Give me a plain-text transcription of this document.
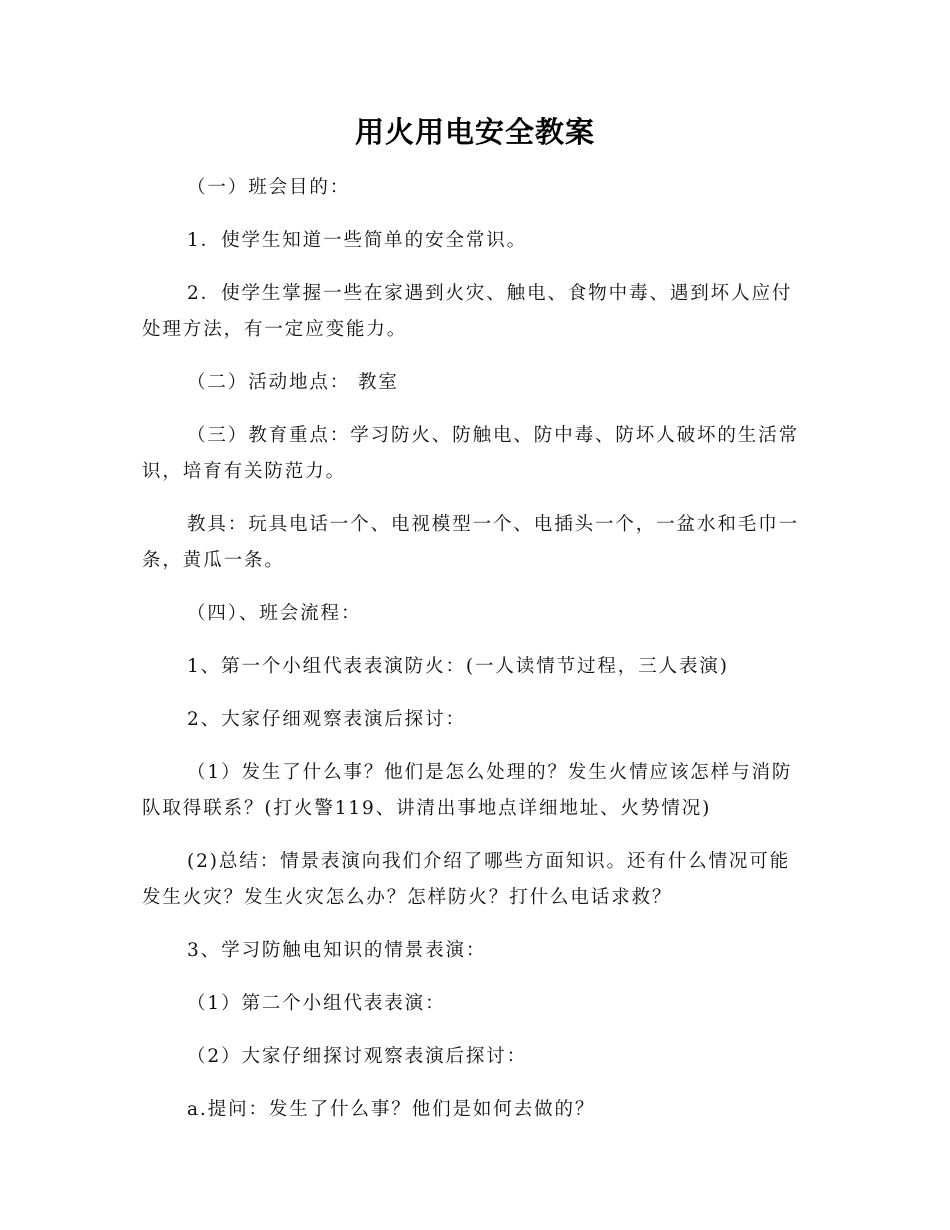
用火用电安全教案

（一）班会目的：

1．使学生知道一些简单的安全常识。

2．使学生掌握一些在家遇到火灾、触电、食物中毒、遇到坏人应付处理方法，有一定应变能力。

（二）活动地点： 教室

（三）教育重点：学习防火、防触电、防中毒、防坏人破坏的生活常识，培育有关防范力。

教具：玩具电话一个、电视模型一个、电插头一个，一盆水和毛巾一条，黄瓜一条。

（四）、班会流程：

1、第一个小组代表表演防火：(一人读情节过程，三人表演)

2、大家仔细观察表演后探讨：

（1）发生了什么事？他们是怎么处理的？发生火情应该怎样与消防队取得联系？(打火警119、讲清出事地点详细地址、火势情况)

(2)总结：情景表演向我们介绍了哪些方面知识。还有什么情况可能发生火灾？发生火灾怎么办？怎样防火？打什么电话求救？

3、学习防触电知识的情景表演：

（1）第二个小组代表表演：

（2）大家仔细探讨观察表演后探讨：

a.提问：发生了什么事？他们是如何去做的？
